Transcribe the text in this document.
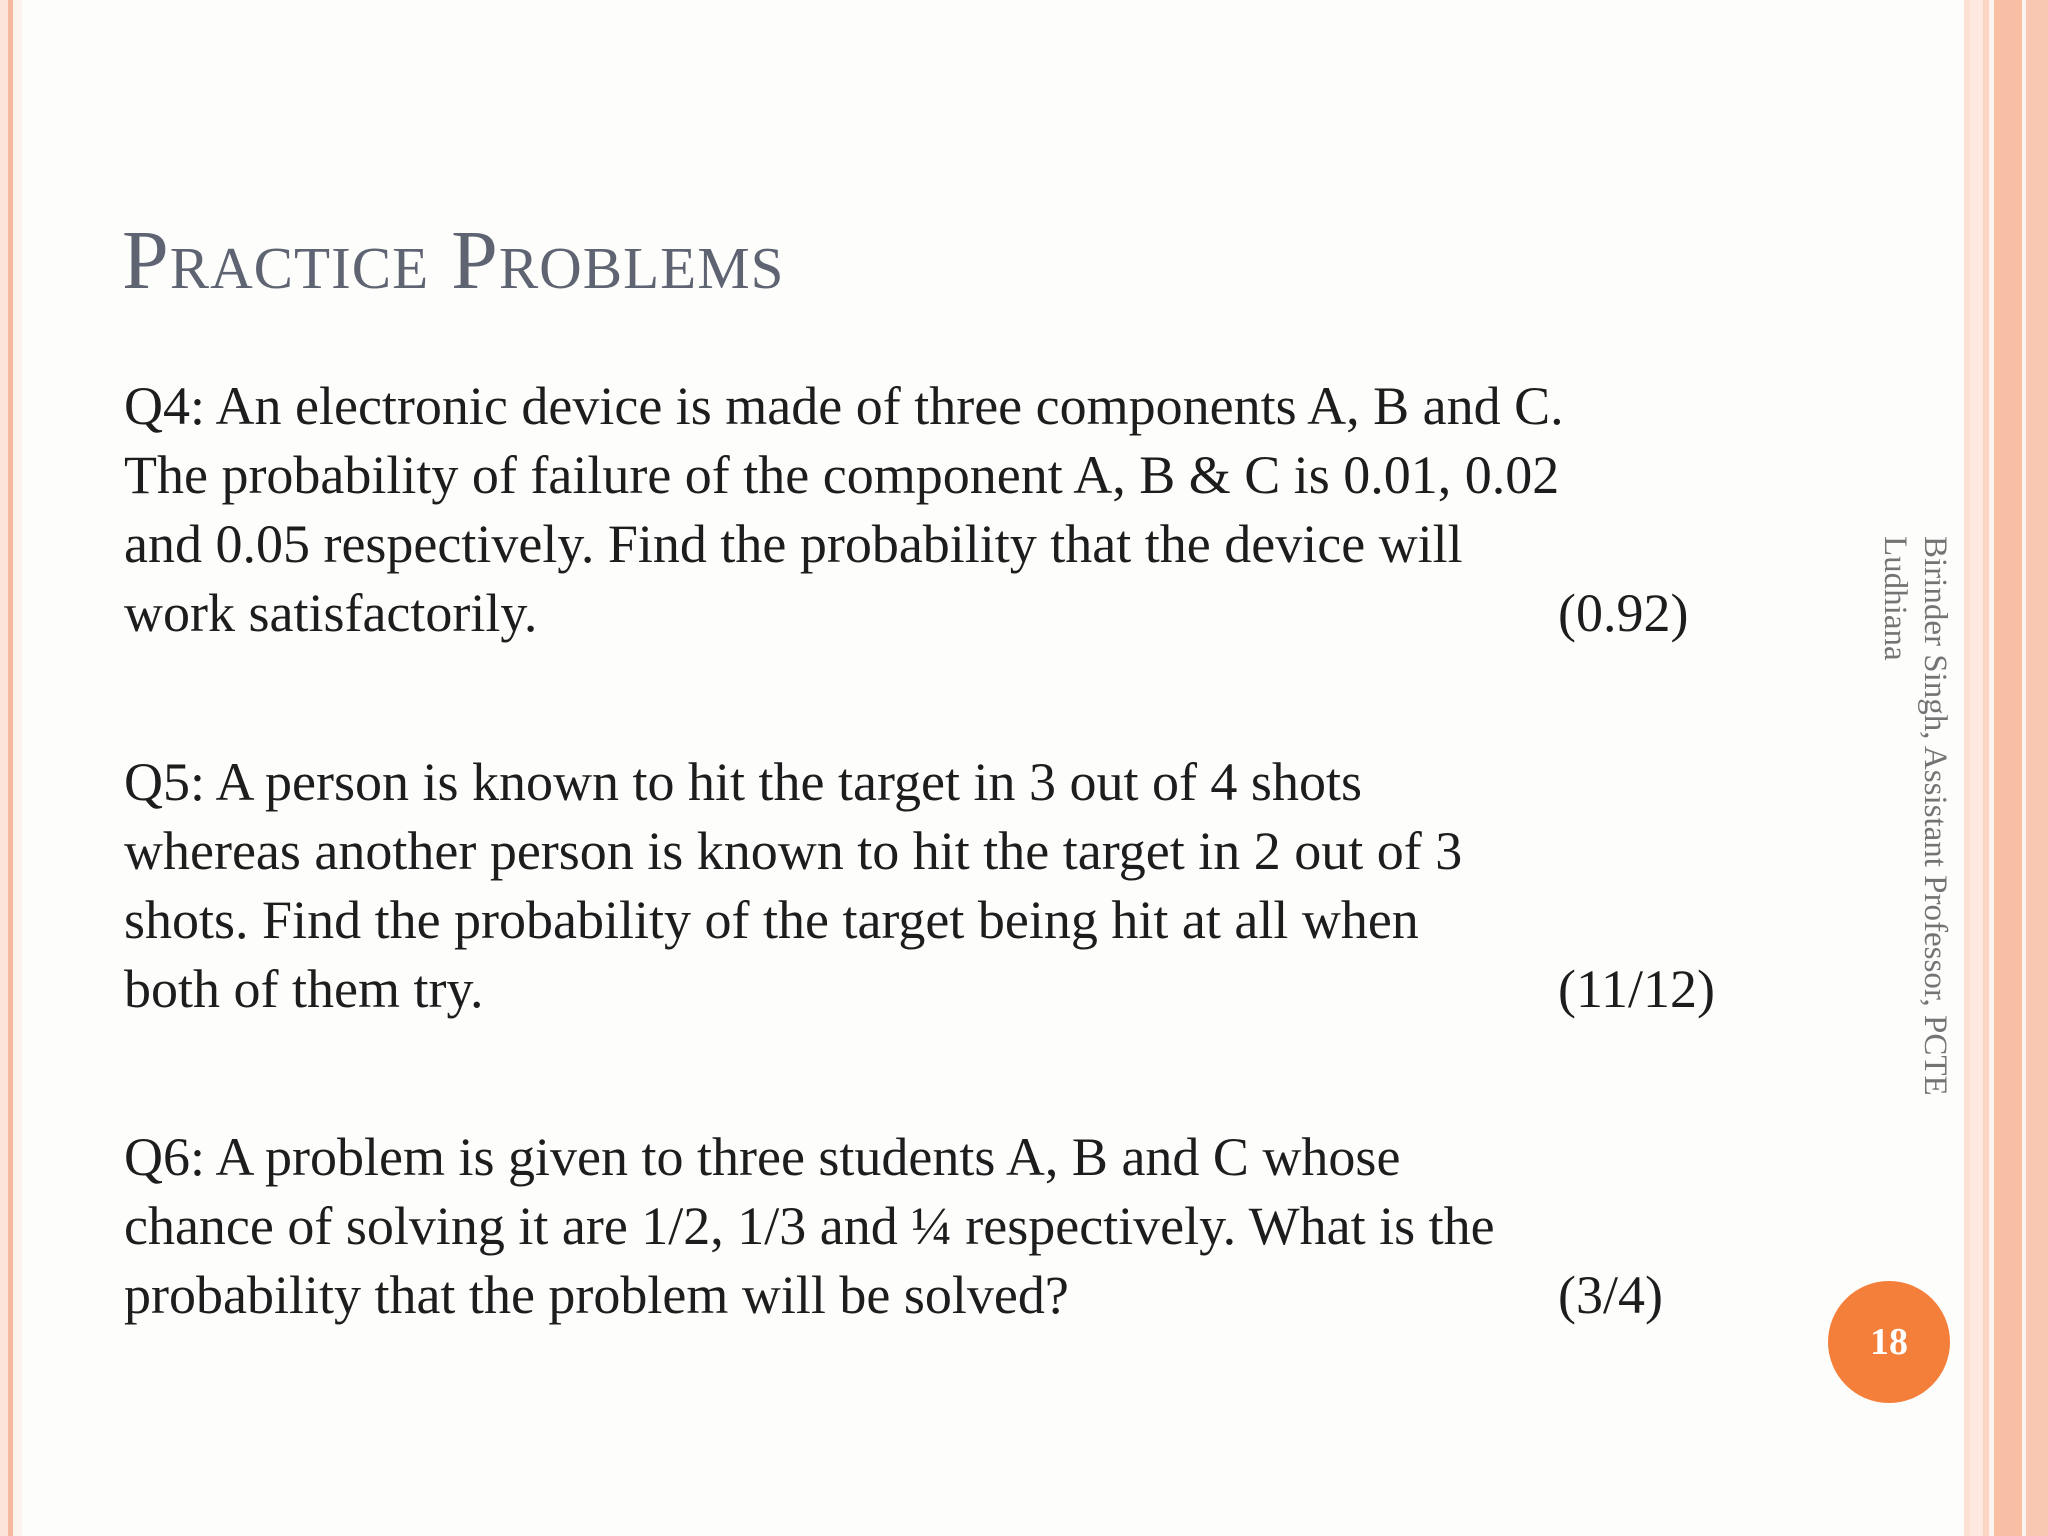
Practice Problems
Q4: An electronic device is made of three components A, B and C.
The probability of failure of the component A, B & C is 0.01, 0.02
and 0.05 respectively. Find the probability that the device will
work satisfactorily.	(0.92)
Q5: A person is known to hit the target in 3 out of 4 shots
whereas another person is known to hit the target in 2 out of 3
shots. Find the probability of the target being hit at all when
both of them try.	(11/12)
Q6: A problem is given to three students A, B and C whose
chance of solving it are 1/2, 1/3 and ¼ respectively. What is the
probability that the problem will be solved?	(3/4)
Birinder Singh, Assistant Professor, PCTE
Ludhiana
18
